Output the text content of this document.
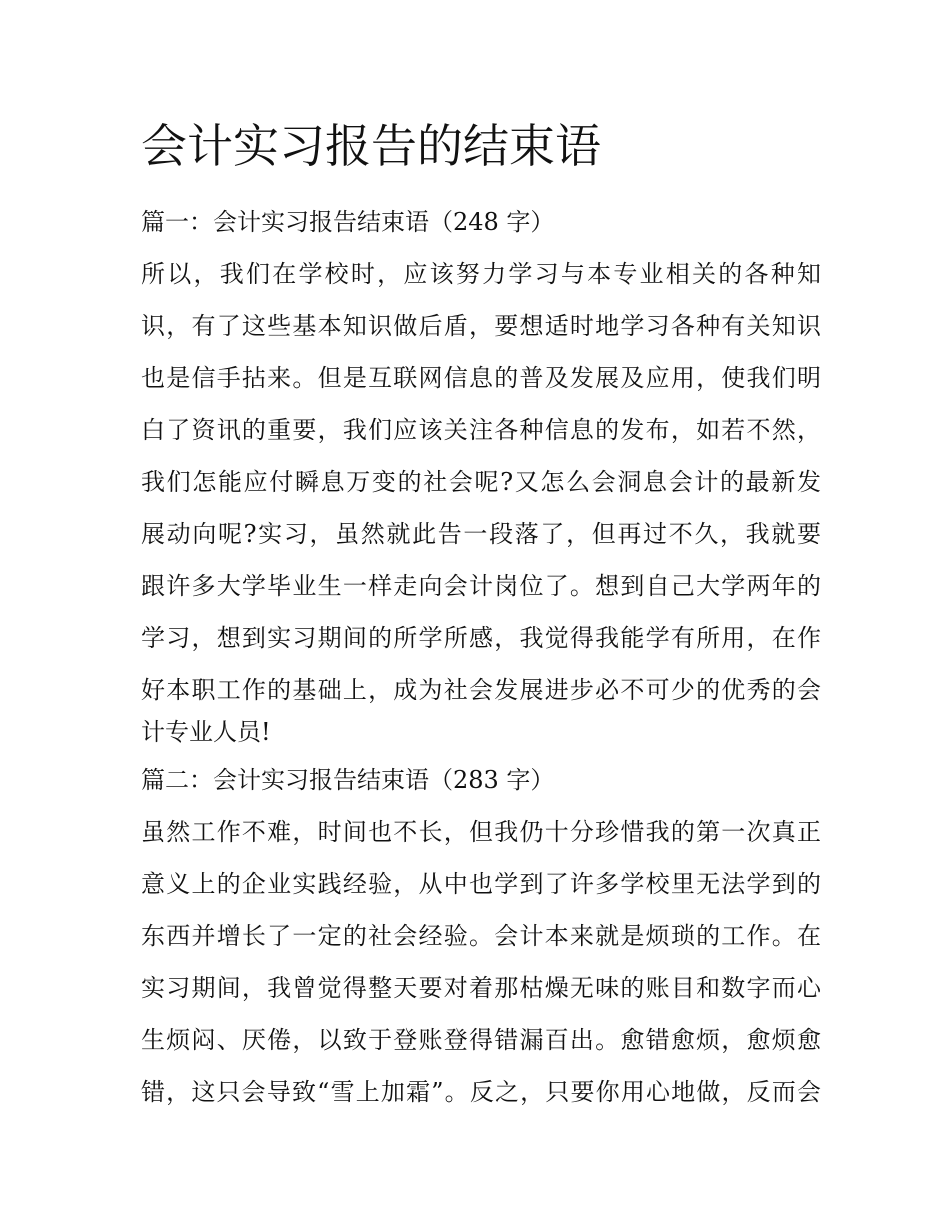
会计实习报告的结束语
篇一：会计实习报告结束语（248 字）
所以，我们在学校时，应该努力学习与本专业相关的各种知
识，有了这些基本知识做后盾，要想适时地学习各种有关知识
也是信手拈来。但是互联网信息的普及发展及应用，使我们明
白了资讯的重要，我们应该关注各种信息的发布，如若不然，
我们怎能应付瞬息万变的社会呢?又怎么会洞息会计的最新发
展动向呢?实习，虽然就此告一段落了，但再过不久，我就要
跟许多大学毕业生一样走向会计岗位了。想到自己大学两年的
学习，想到实习期间的所学所感，我觉得我能学有所用，在作
好本职工作的基础上，成为社会发展进步必不可少的优秀的会
计专业人员!
篇二：会计实习报告结束语（283 字）
虽然工作不难，时间也不长，但我仍十分珍惜我的第一次真正
意义上的企业实践经验，从中也学到了许多学校里无法学到的
东西并增长了一定的社会经验。会计本来就是烦琐的工作。在
实习期间，我曾觉得整天要对着那枯燥无味的账目和数字而心
生烦闷、厌倦，以致于登账登得错漏百出。愈错愈烦，愈烦愈
错，这只会导致“雪上加霜”。反之，只要你用心地做，反而会
